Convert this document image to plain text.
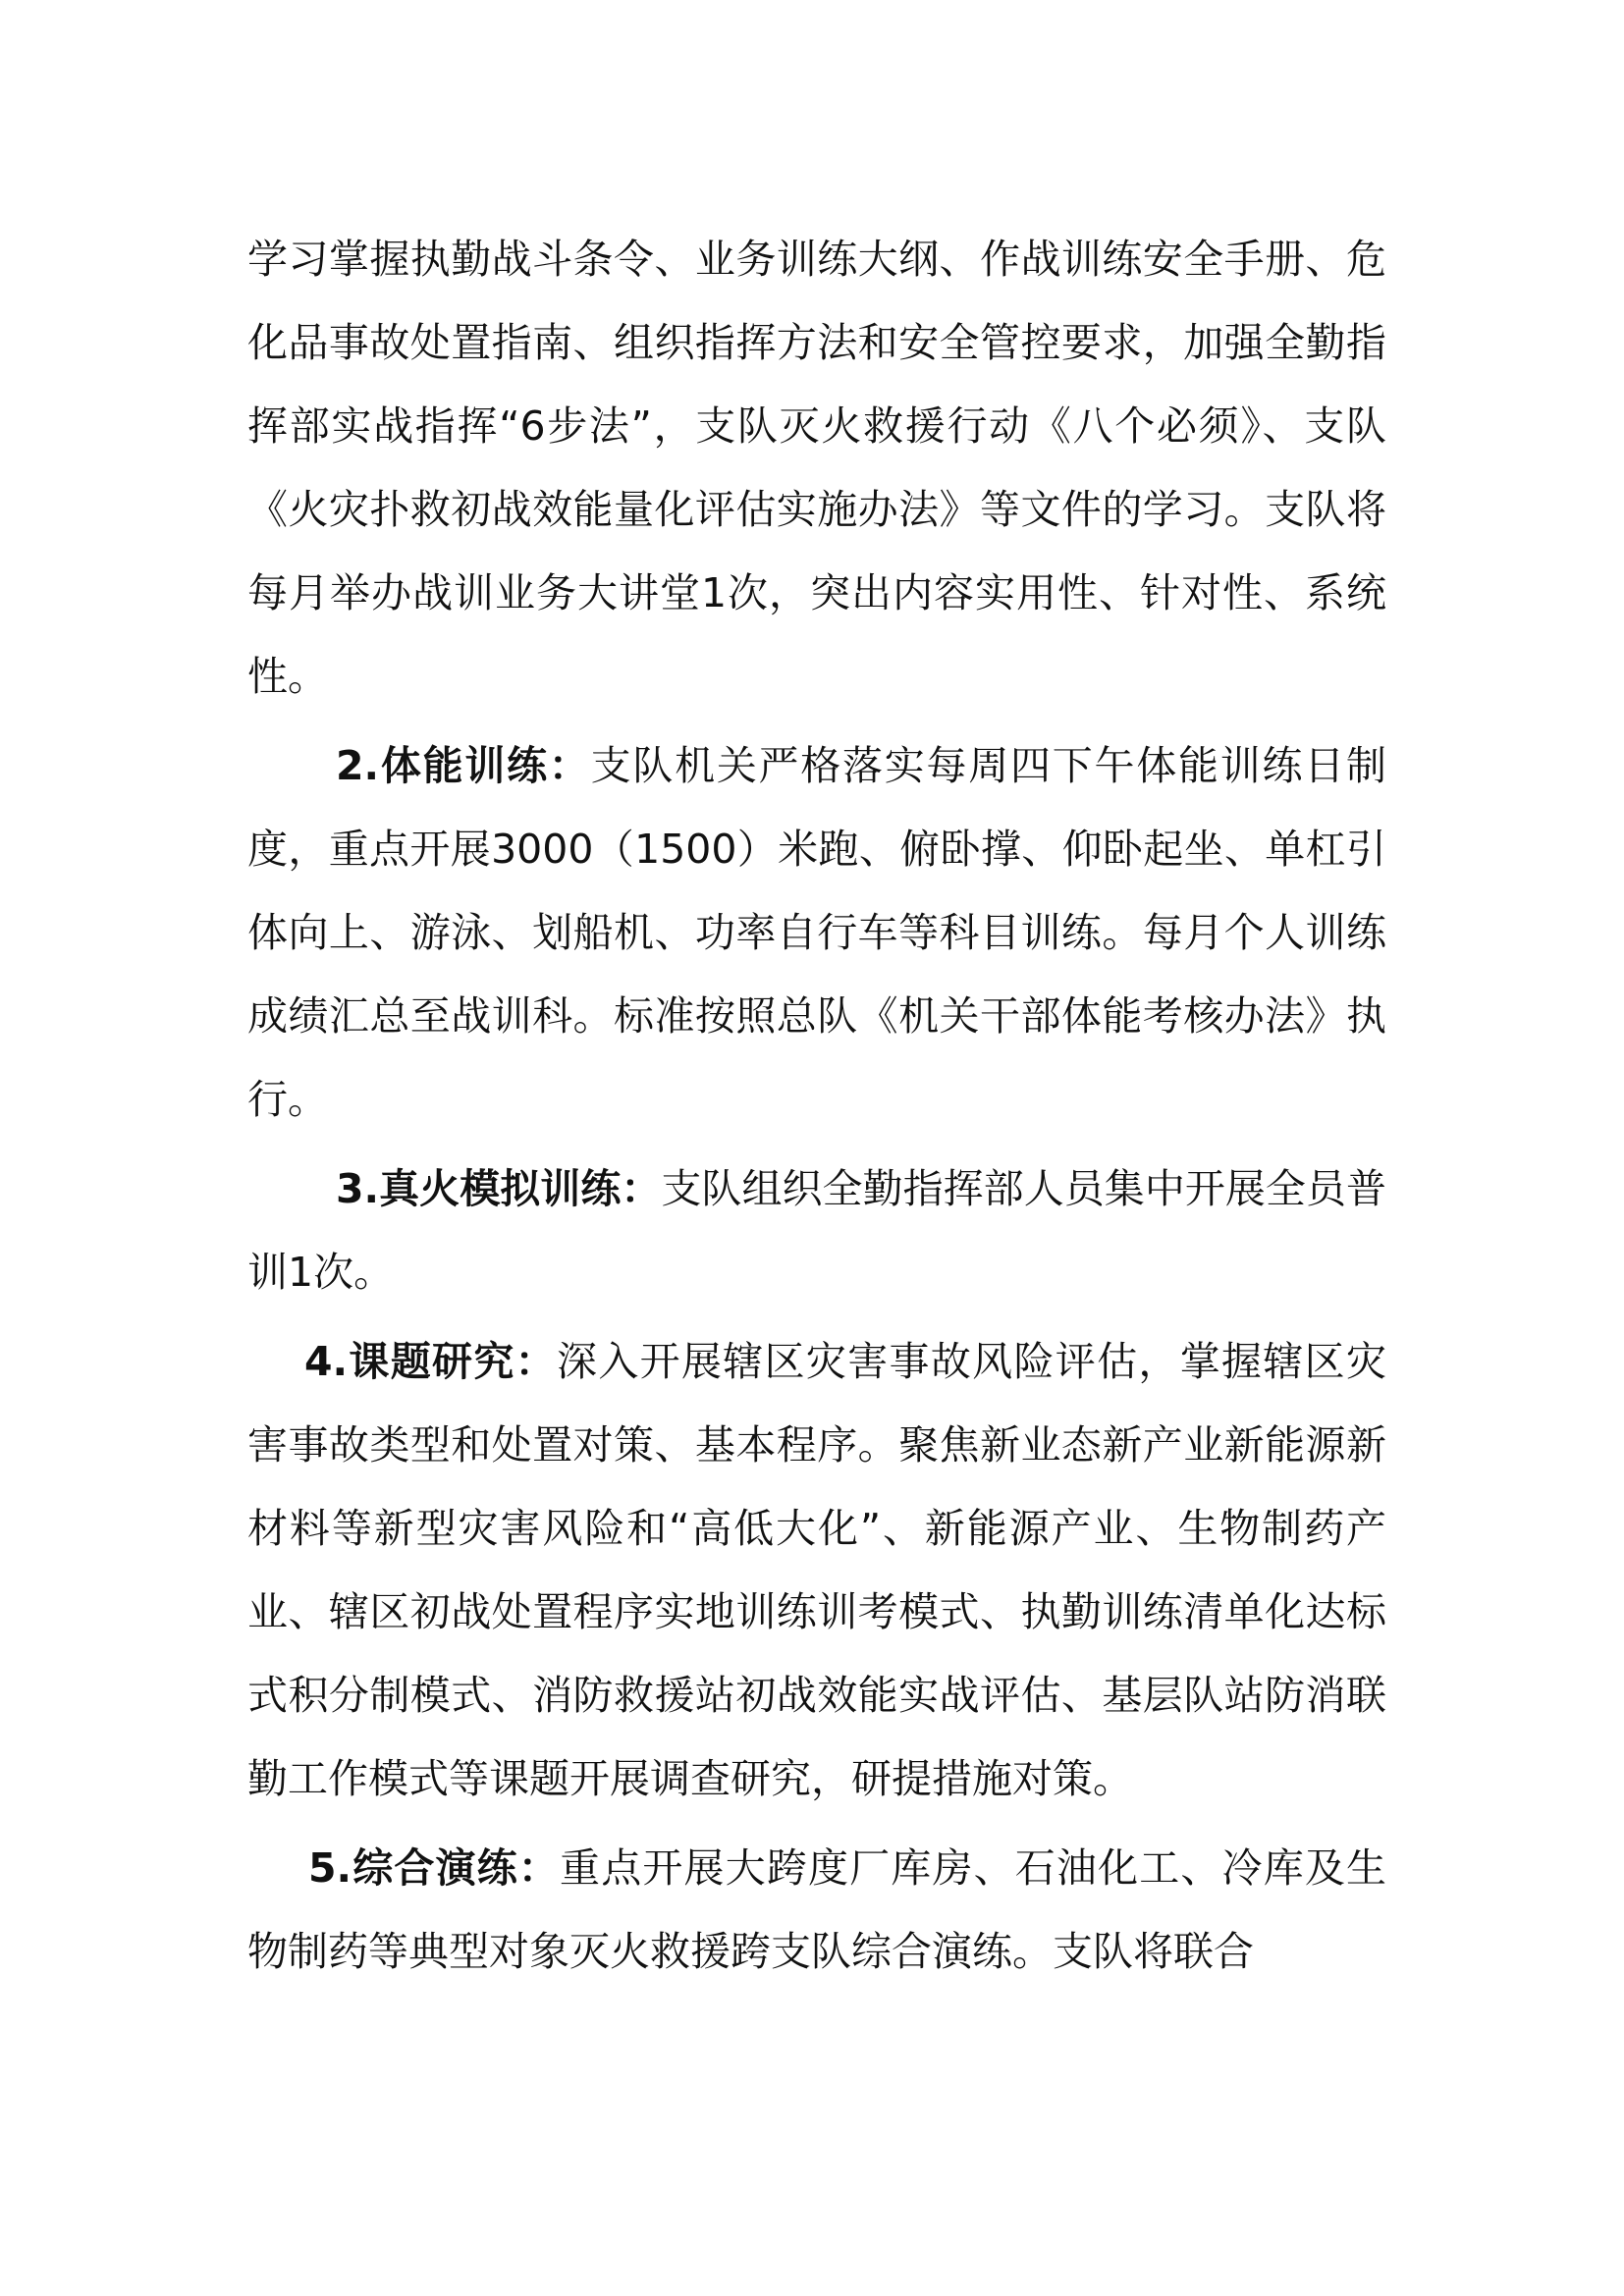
学习掌握执勤战斗条令、业务训练大纲、作战训练安全手册、危化品事故处置指南、组织指挥方法和安全管控要求，加强全勤指挥部实战指挥“6步法”，支队灭火救援行动《八个必须》、支队《火灾扑救初战效能量化评估实施办法》等文件的学习。支队将每月举办战训业务大讲堂1次，突出内容实用性、针对性、系统性。

2.体能训练：支队机关严格落实每周四下午体能训练日制度，重点开展3000（1500）米跑、俯卧撑、仰卧起坐、单杠引体向上、游泳、划船机、功率自行车等科目训练。每月个人训练成绩汇总至战训科。标准按照总队《机关干部体能考核办法》执行。

3.真火模拟训练：支队组织全勤指挥部人员集中开展全员普训1次。

4.课题研究：深入开展辖区灾害事故风险评估，掌握辖区灾害事故类型和处置对策、基本程序。聚焦新业态新产业新能源新材料等新型灾害风险和“高低大化”、新能源产业、生物制药产业、辖区初战处置程序实地训练训考模式、执勤训练清单化达标式积分制模式、消防救援站初战效能实战评估、基层队站防消联勤工作模式等课题开展调查研究，研提措施对策。

5.综合演练：重点开展大跨度厂库房、石油化工、冷库及生物制药等典型对象灭火救援跨支队综合演练。支队将联合
